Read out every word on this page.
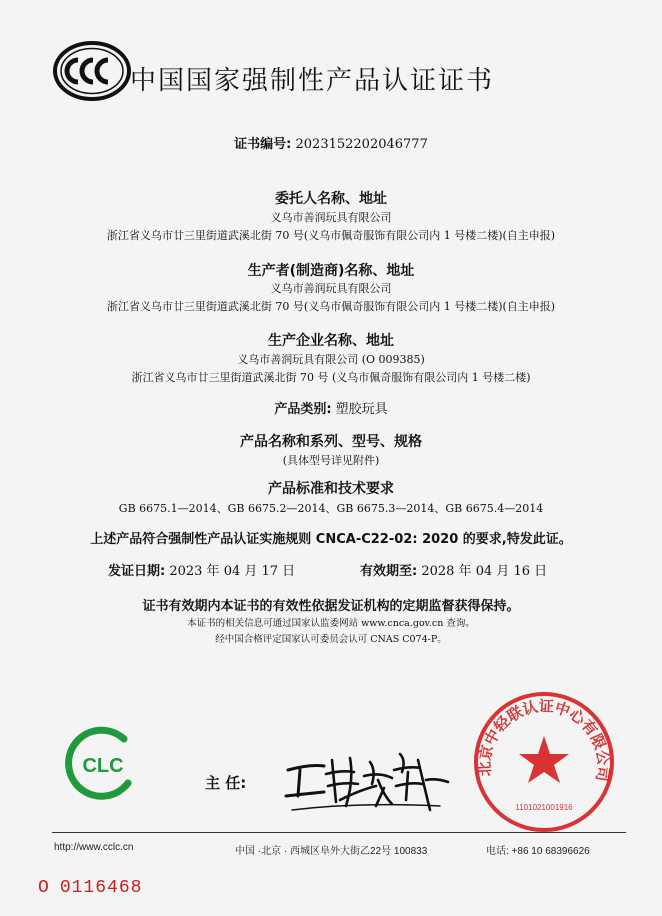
中国国家强制性产品认证证书
证书编号: 2023152202046777
委托人名称、地址
义乌市善润玩具有限公司
浙江省义乌市廿三里街道武溪北街 70 号(义乌市佩奇服饰有限公司内 1 号楼二楼)(自主申报)
生产者(制造商)名称、地址
义乌市善润玩具有限公司
浙江省义乌市廿三里街道武溪北街 70 号(义乌市佩奇服饰有限公司内 1 号楼二楼)(自主申报)
生产企业名称、地址
义乌市善润玩具有限公司 (O 009385)
浙江省义乌市廿三里街道武溪北街 70 号 (义乌市佩奇服饰有限公司内 1 号楼二楼)
产品类别: 塑胶玩具
产品名称和系列、型号、规格
(具体型号详见附件)
产品标准和技术要求
GB 6675.1—2014、GB 6675.2—2014、GB 6675.3—2014、GB 6675.4—2014
上述产品符合强制性产品认证实施规则 CNCA-C22-02: 2020 的要求,特发此证。
发证日期: 2023 年 04 月 17 日	有效期至: 2028 年 04 月 16 日
证书有效期内本证书的有效性依据发证机构的定期监督获得保持。
本证书的相关信息可通过国家认监委网站 www.cnca.gov.cn 查询。
经中国合格评定国家认可委员会认可 CNAS C074-P。
CLC
主 任:
北京中轻联认证中心有限公司
1101021001916
http://www.cclc.cn	中国 ·北京 · 西城区阜外大街乙22号 100833	电话: +86 10 68396626
O 0116468
